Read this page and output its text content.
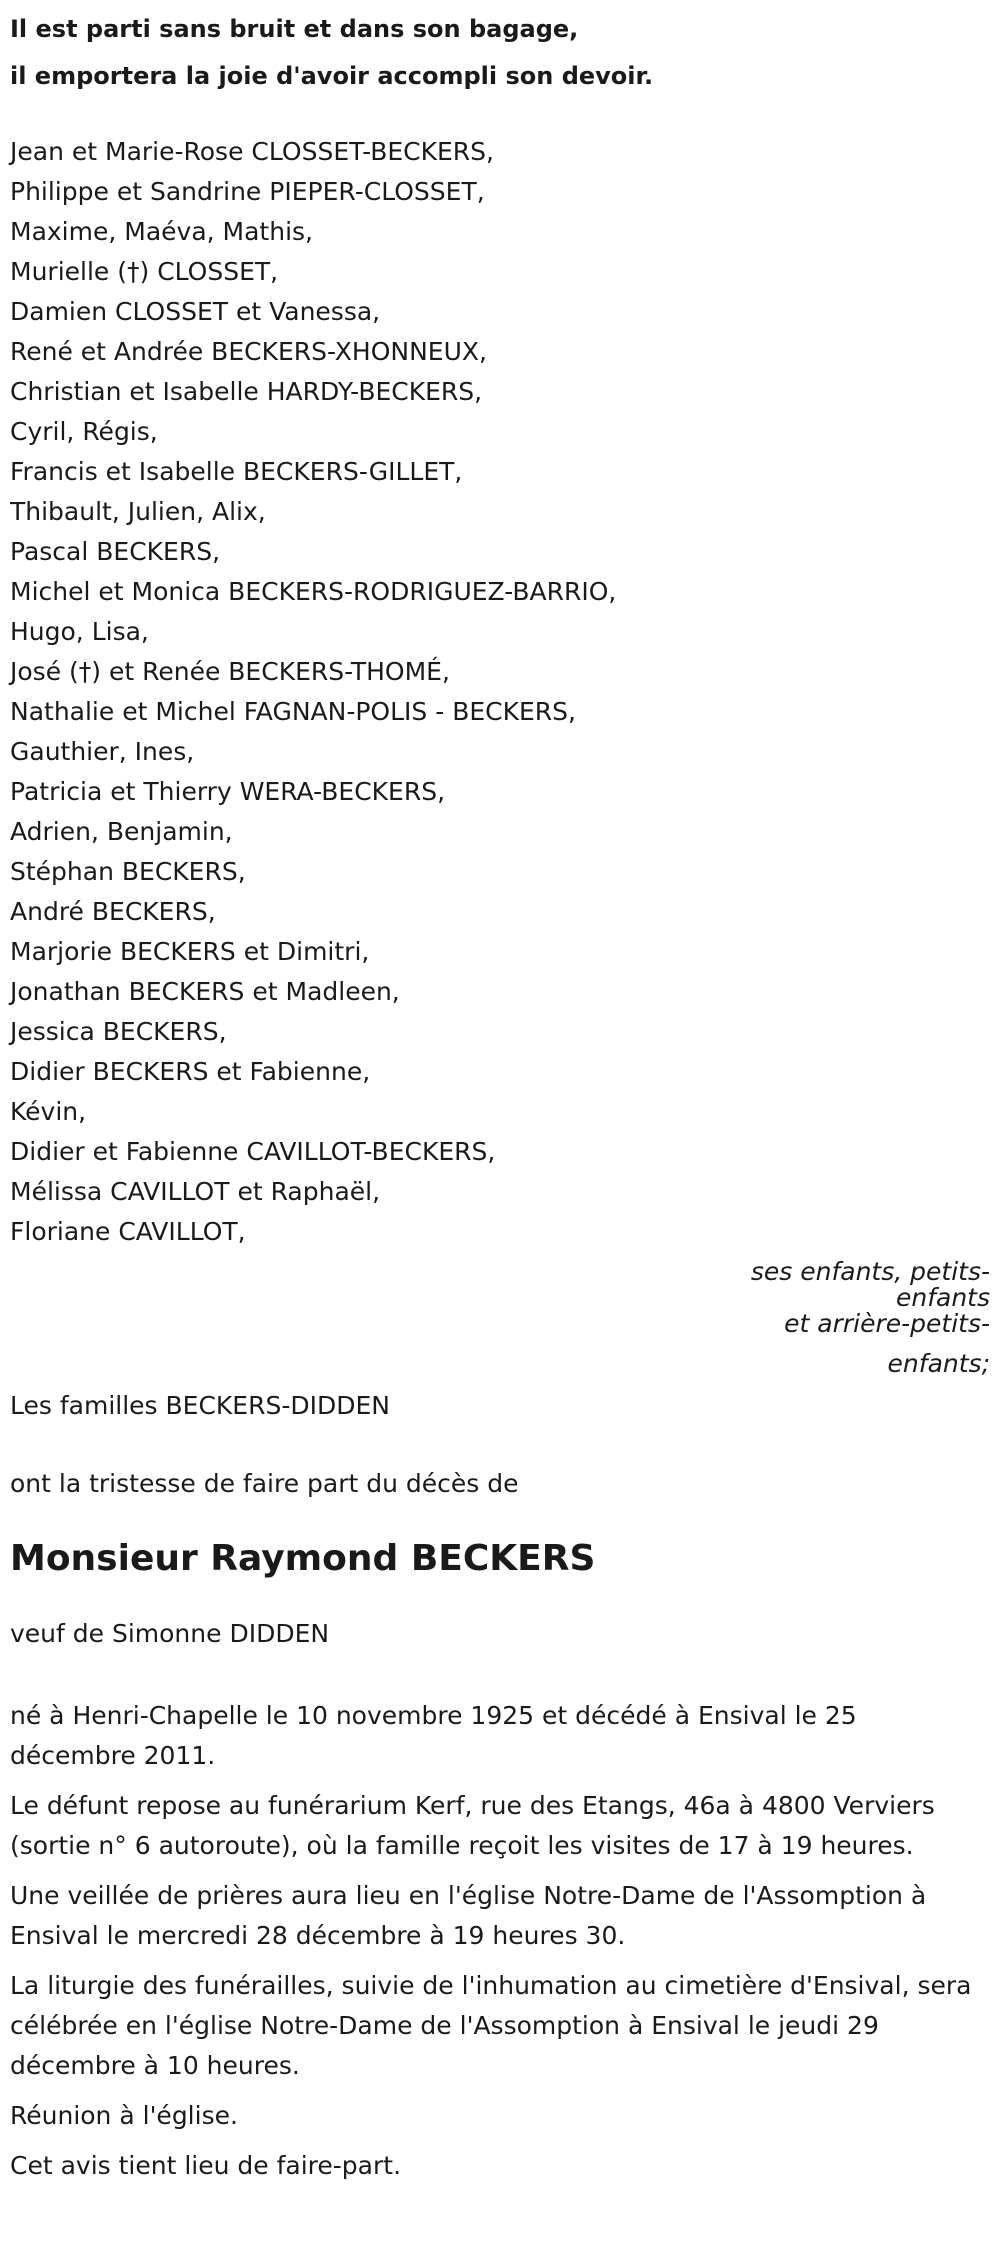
Il est parti sans bruit et dans son bagage,

il emportera la joie d'avoir accompli son devoir.

Jean et Marie-Rose CLOSSET-BECKERS,
Philippe et Sandrine PIEPER-CLOSSET,
Maxime, Maéva, Mathis,
Murielle (†) CLOSSET,
Damien CLOSSET et Vanessa,
René et Andrée BECKERS-XHONNEUX,
Christian et Isabelle HARDY-BECKERS,
Cyril, Régis,
Francis et Isabelle BECKERS-GILLET,
Thibault, Julien, Alix,
Pascal BECKERS,
Michel et Monica BECKERS-RODRIGUEZ-BARRIO,
Hugo, Lisa,
José (†) et Renée BECKERS-THOMÉ,
Nathalie et Michel FAGNAN-POLIS - BECKERS,
Gauthier, Ines,
Patricia et Thierry WERA-BECKERS,
Adrien, Benjamin,
Stéphan BECKERS,
André BECKERS,
Marjorie BECKERS et Dimitri,
Jonathan BECKERS et Madleen,
Jessica BECKERS,
Didier BECKERS et Fabienne,
Kévin,
Didier et Fabienne CAVILLOT-BECKERS,
Mélissa CAVILLOT et Raphaël,
Floriane CAVILLOT,
ses enfants, petits-
enfants
et arrière-petits-
enfants;

Les familles BECKERS-DIDDEN

ont la tristesse de faire part du décès de

Monsieur Raymond BECKERS

veuf de Simonne DIDDEN

né à Henri-Chapelle le 10 novembre 1925 et décédé à Ensival le 25 décembre 2011.

Le défunt repose au funérarium Kerf, rue des Etangs, 46a à 4800 Verviers (sortie n° 6 autoroute), où la famille reçoit les visites de 17 à 19 heures.

Une veillée de prières aura lieu en l'église Notre-Dame de l'Assomption à Ensival le mercredi 28 décembre à 19 heures 30.

La liturgie des funérailles, suivie de l'inhumation au cimetière d'Ensival, sera célébrée en l'église Notre-Dame de l'Assomption à Ensival le jeudi 29 décembre à 10 heures.

Réunion à l'église.

Cet avis tient lieu de faire-part.
